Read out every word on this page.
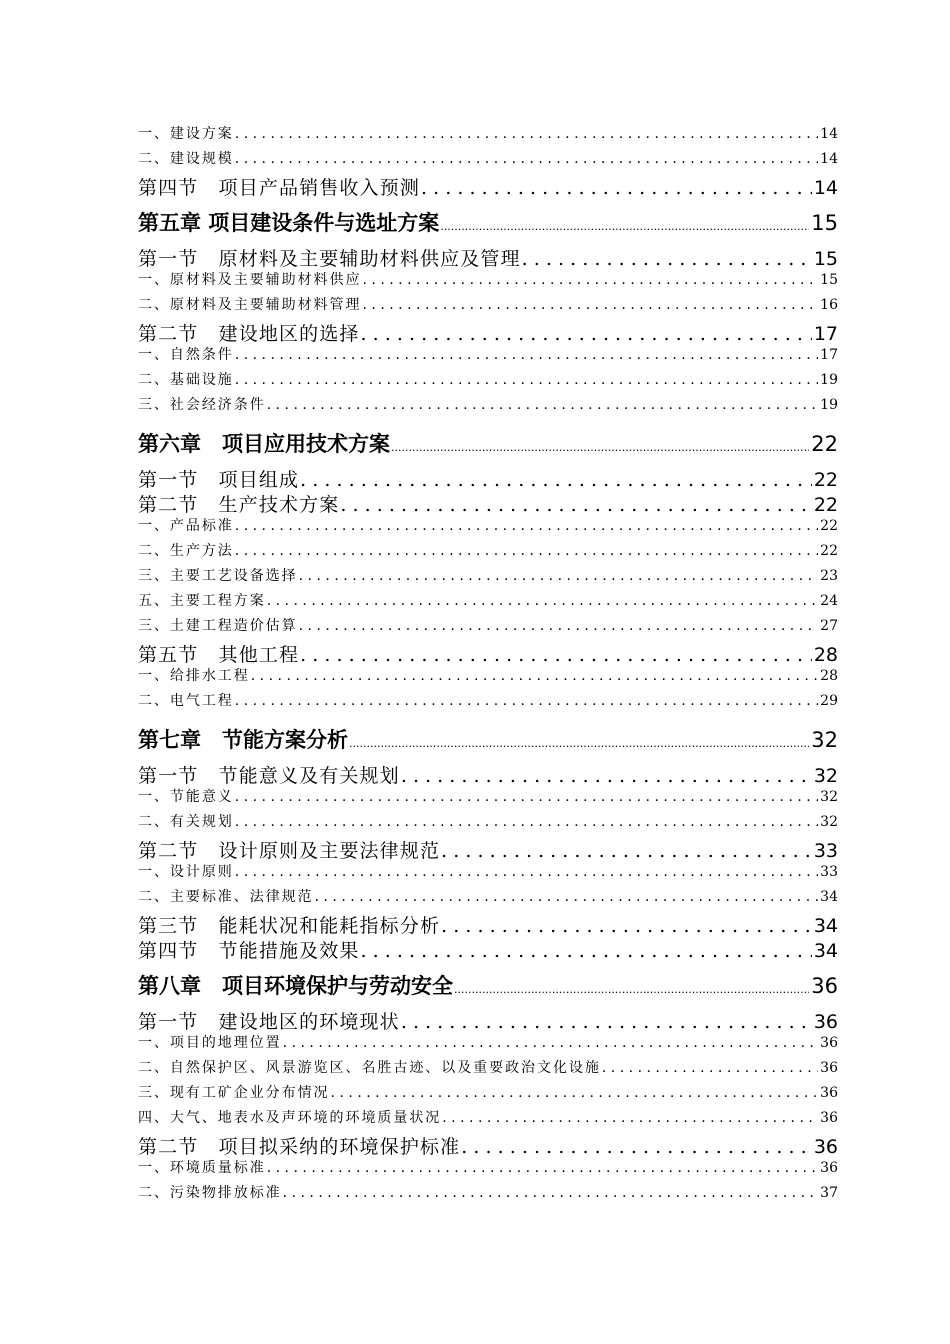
一、建设方案 .....	14
二、建设规模 .....	14
第四节　项目产品销售收入预测 .....	14
第五章 项目建设条件与选址方案 .....	15
第一节　原材料及主要辅助材料供应及管理 .....	15
一、原材料及主要辅助材料供应 .....	15
二、原材料及主要辅助材料管理 .....	16
第二节　建设地区的选择 .....	17
一、自然条件 .....	17
二、基础设施 .....	19
三、社会经济条件 .....	19
第六章　项目应用技术方案 .....	22
第一节　项目组成 .....	22
第二节　生产技术方案 .....	22
一、产品标准 .....	22
二、生产方法 .....	22
三、主要工艺设备选择 .....	23
五、主要工程方案 .....	24
三、土建工程造价估算 .....	27
第五节　其他工程 .....	28
一、给排水工程 .....	28
二、电气工程 .....	29
第七章　节能方案分析 .....	32
第一节　节能意义及有关规划 .....	32
一、节能意义 .....	32
二、有关规划 .....	32
第二节　设计原则及主要法律规范 .....	33
一、设计原则 .....	33
二、主要标准、法律规范 .....	34
第三节　能耗状况和能耗指标分析 .....	34
第四节　节能措施及效果 .....	34
第八章　项目环境保护与劳动安全 .....	36
第一节　建设地区的环境现状 .....	36
一、项目的地理位置 .....	36
二、自然保护区、风景游览区、名胜古迹、以及重要政治文化设施 .....	36
三、现有工矿企业分布情况 .....	36
四、大气、地表水及声环境的环境质量状况 .....	36
第二节　项目拟采纳的环境保护标准 .....	36
一、环境质量标准 .....	36
二、污染物排放标准 .....	37
